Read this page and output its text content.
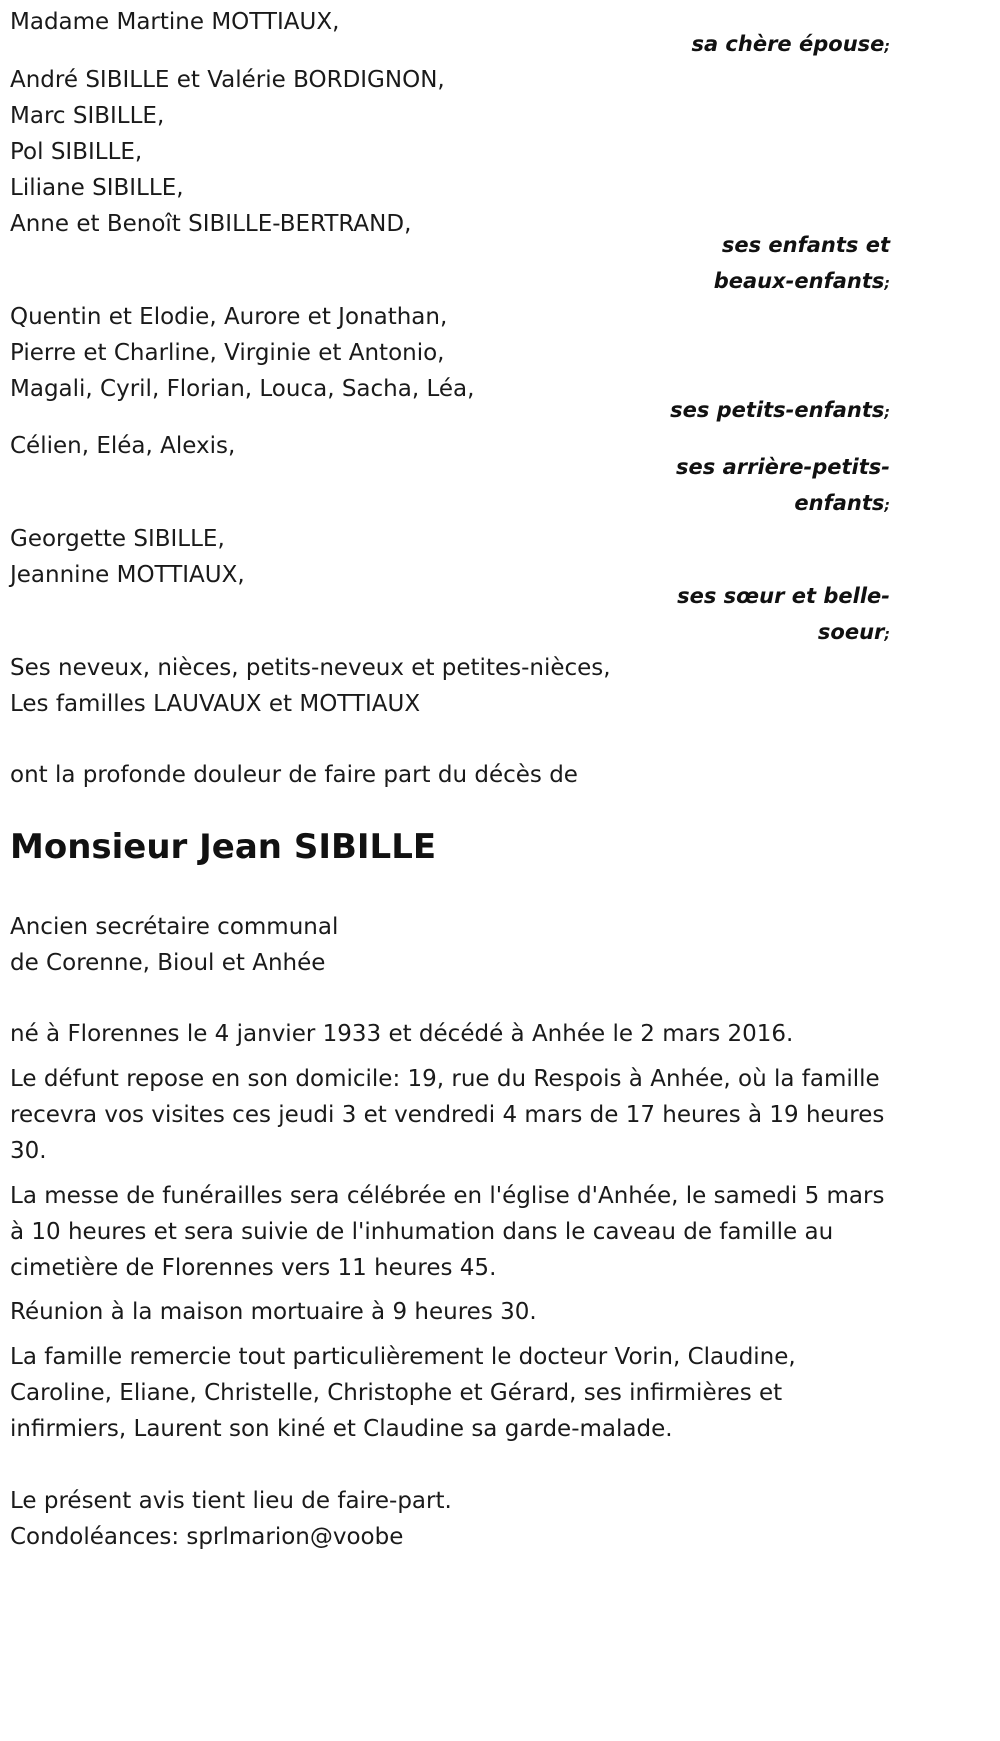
Madame Martine MOTTIAUX,
sa chère épouse;
André SIBILLE et Valérie BORDIGNON,
Marc SIBILLE,
Pol SIBILLE,
Liliane SIBILLE,
Anne et Benoît SIBILLE-BERTRAND,
ses enfants et
beaux-enfants;
Quentin et Elodie, Aurore et Jonathan,
Pierre et Charline, Virginie et Antonio,
Magali, Cyril, Florian, Louca, Sacha, Léa,
ses petits-enfants;
Célien, Eléa, Alexis,
ses arrière-petits-
enfants;
Georgette SIBILLE,
Jeannine MOTTIAUX,
ses sœur et belle-
soeur;
Ses neveux, nièces, petits-neveux et petites-nièces,
Les familles LAUVAUX et MOTTIAUX

ont la profonde douleur de faire part du décès de

Monsieur Jean SIBILLE
Ancien secrétaire communal
de Corenne, Bioul et Anhée

né à Florennes le 4 janvier 1933 et décédé à Anhée le 2 mars 2016.

Le défunt repose en son domicile: 19, rue du Respois à Anhée, où la famille recevra vos visites ces jeudi 3 et vendredi 4 mars de 17 heures à 19 heures 30.

La messe de funérailles sera célébrée en l'église d'Anhée, le samedi 5 mars à 10 heures et sera suivie de l'inhumation dans le caveau de famille au cimetière de Florennes vers 11 heures 45.

Réunion à la maison mortuaire à 9 heures 30.

La famille remercie tout particulièrement le docteur Vorin, Claudine, Caroline, Eliane, Christelle, Christophe et Gérard, ses infirmières et infirmiers, Laurent son kiné et Claudine sa garde-malade.

Le présent avis tient lieu de faire-part.
Condoléances: sprlmarion@voobe
